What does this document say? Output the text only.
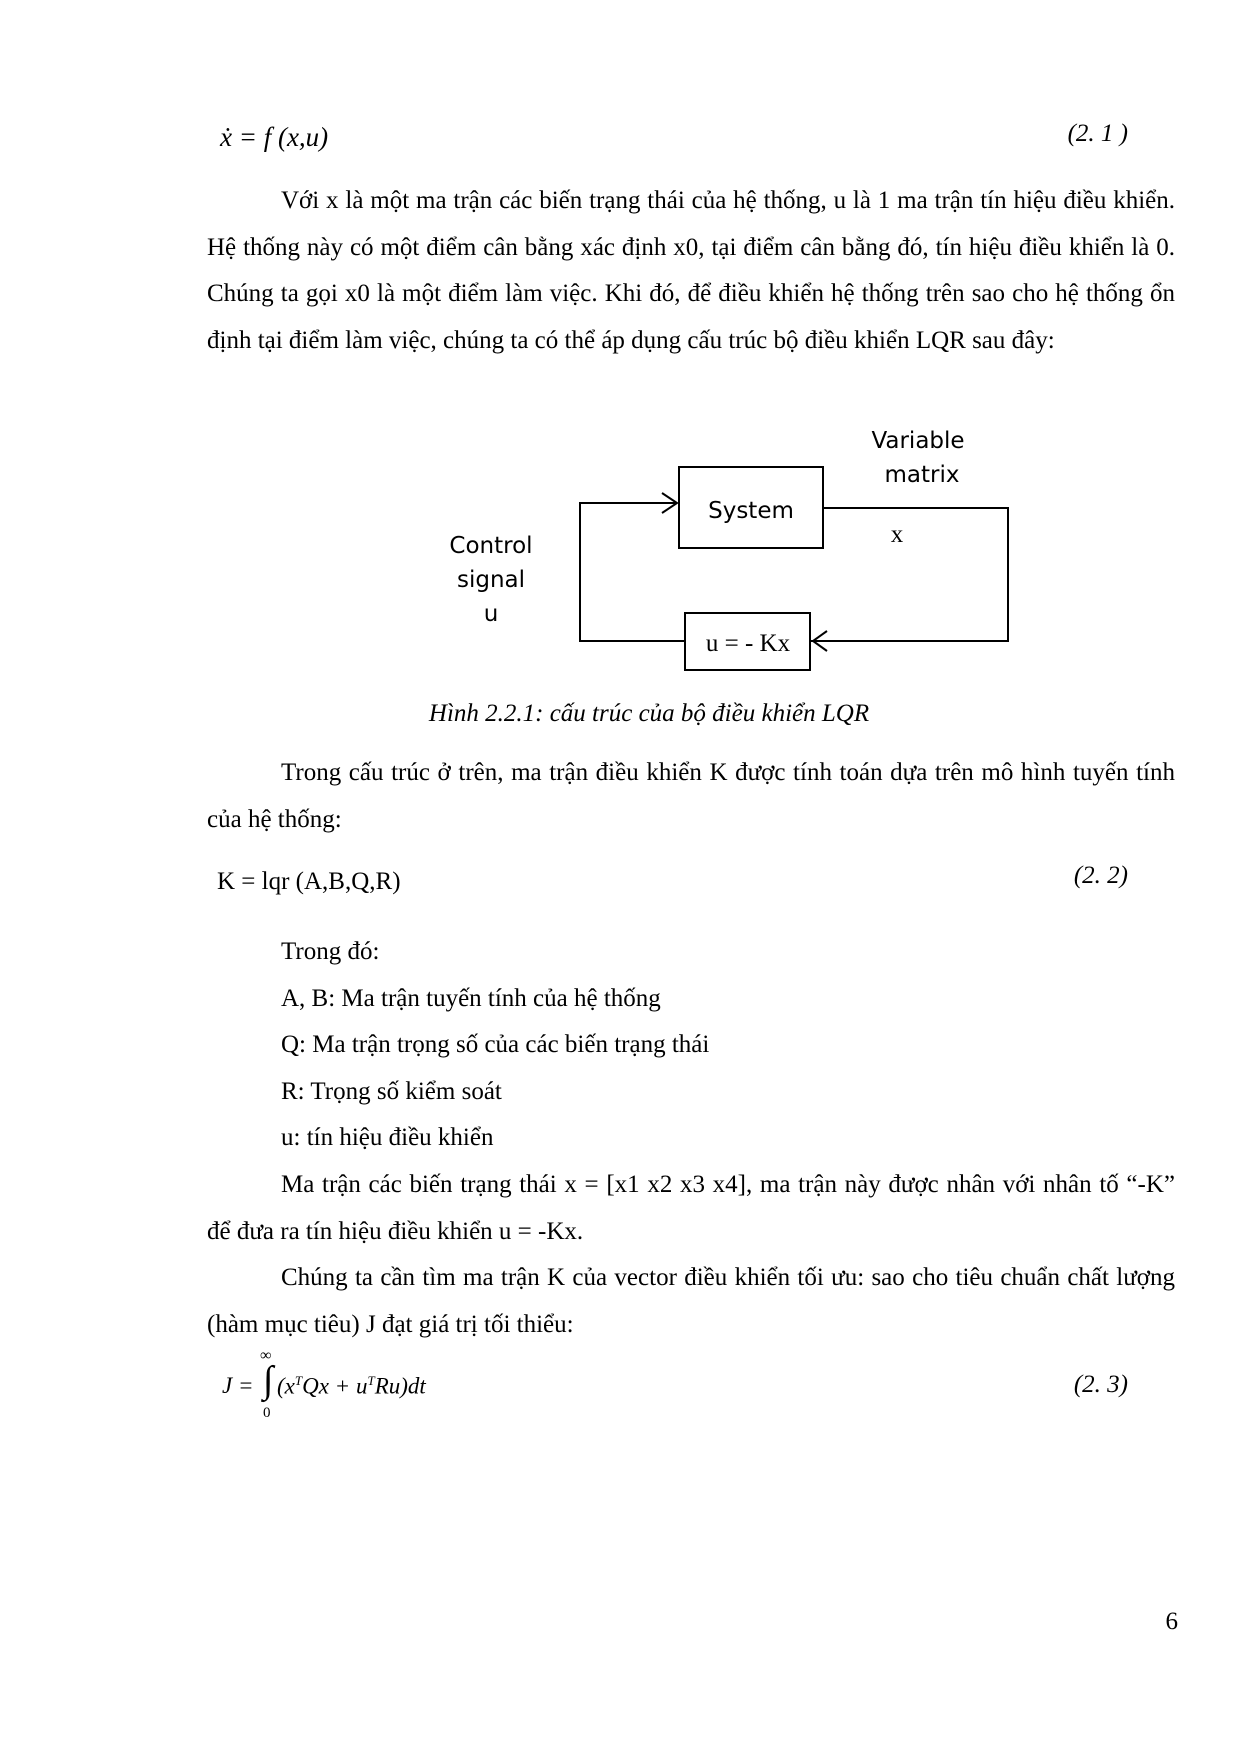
ẋ = f (x,u)	(2. 1 )
Với x là một ma trận các biến trạng thái của hệ thống, u là 1 ma trận tín hiệu điều khiển. Hệ thống này có một điểm cân bằng xác định x0, tại điểm cân bằng đó, tín hiệu điều khiển là 0. Chúng ta gọi x0 là một điểm làm việc. Khi đó, để điều khiển hệ thống trên sao cho hệ thống ổn định tại điểm làm việc, chúng ta có thể áp dụng cấu trúc bộ điều khiển LQR sau đây:
System
u = - Kx
Variable
matrix
x
Control
signal
u
Hình 2.2.1: cấu trúc của bộ điều khiển LQR
Trong cấu trúc ở trên, ma trận điều khiển K được tính toán dựa trên mô hình tuyến tính của hệ thống:
K = lqr (A,B,Q,R)	(2. 2)
Trong đó:
A, B: Ma trận tuyến tính của hệ thống
Q: Ma trận trọng số của các biến trạng thái
R: Trọng số kiểm soát
u: tín hiệu điều khiển
Ma trận các biến trạng thái x = [x1 x2 x3 x4], ma trận này được nhân với nhân tố “-K” để đưa ra tín hiệu điều khiển u = -Kx.
Chúng ta cần tìm ma trận K của vector điều khiển tối ưu: sao cho tiêu chuẩn chất lượng (hàm mục tiêu) J đạt giá trị tối thiểu:
J =
∞
∫
0
$(x^TQx + u^TRu)dt$	(2. 3)
6
